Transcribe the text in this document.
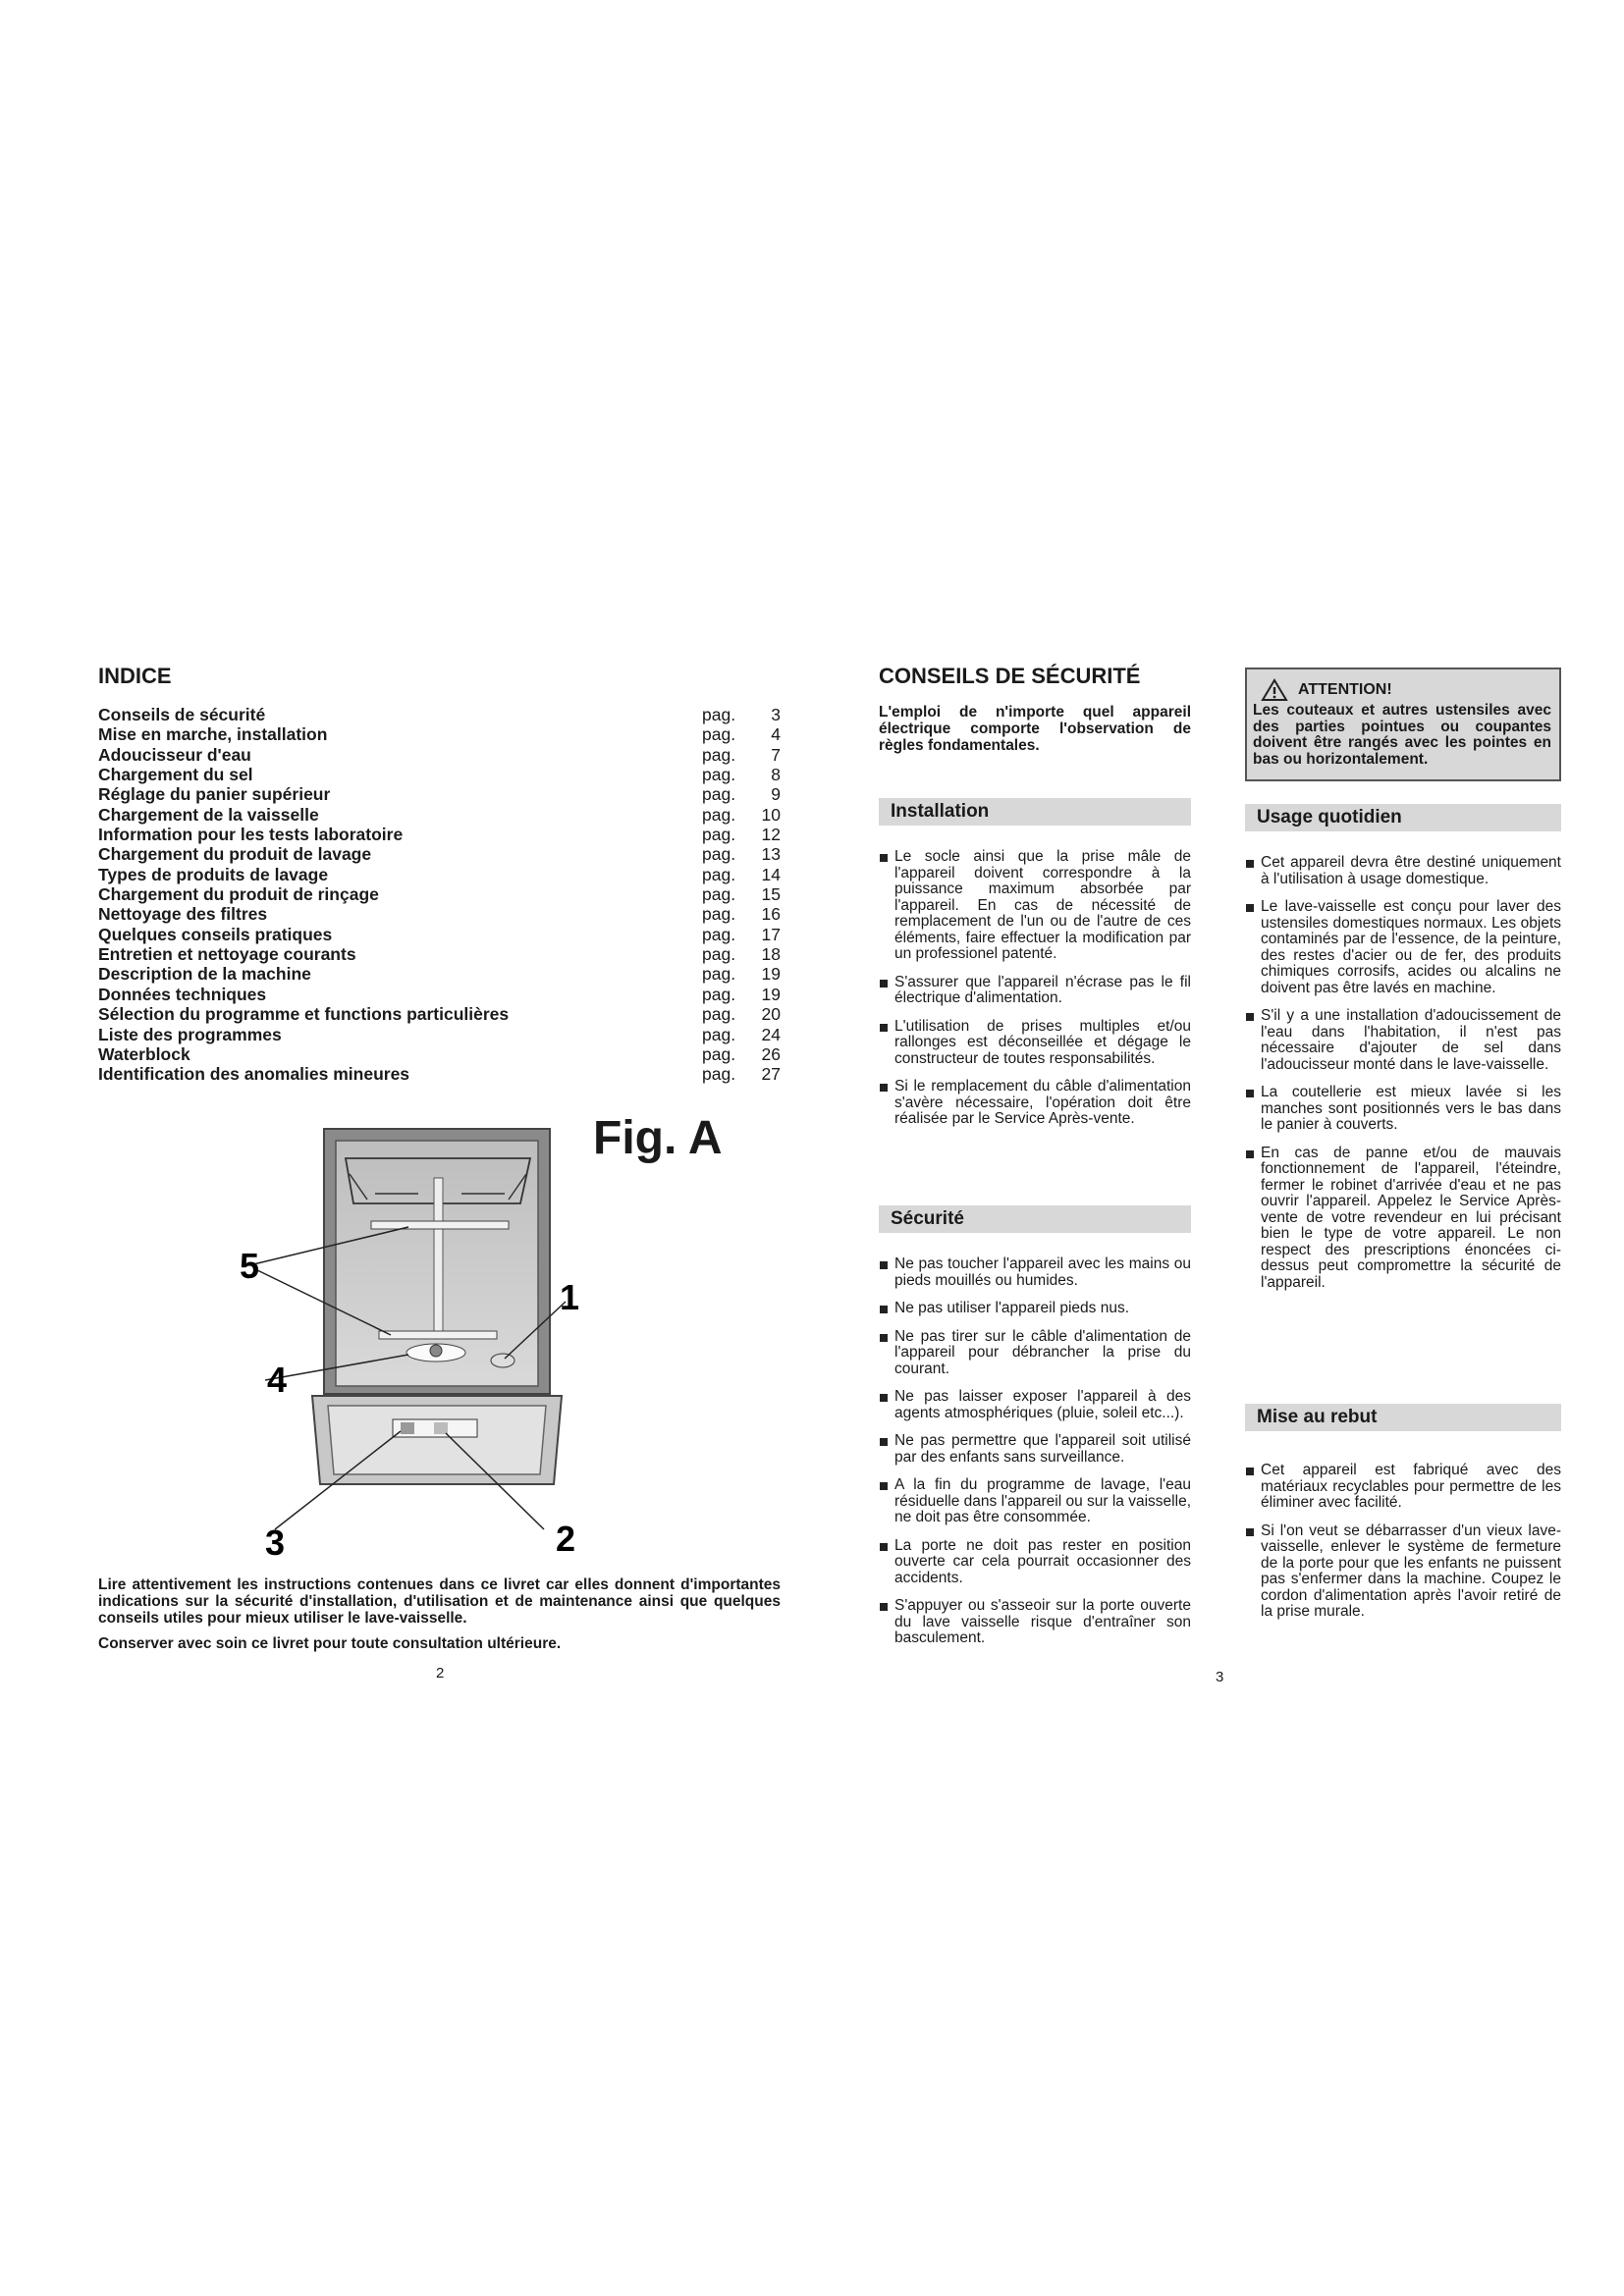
INDICE
Conseils de sécurité	pag.	3
Mise en marche, installation	pag.	4
Adoucisseur d'eau	pag.	7
Chargement du sel	pag.	8
Réglage du panier supérieur	pag.	9
Chargement de la vaisselle	pag.	10
Information pour les tests laboratoire	pag.	12
Chargement du produit de lavage	pag.	13
Types de produits de lavage	pag.	14
Chargement du produit de rinçage	pag.	15
Nettoyage des filtres	pag.	16
Quelques conseils pratiques	pag.	17
Entretien et nettoyage courants	pag.	18
Description de la machine	pag.	19
Données techniques	pag.	19
Sélection du programme et functions particulières	pag.	20
Liste des programmes	pag.	24
Waterblock	pag.	26
Identification des anomalies mineures	pag.	27
Fig. A
5
1
4
3	2
Lire attentivement les instructions contenues dans ce livret car elles donnent d'importantes indications sur la sécurité d'installation, d'utilisation et de maintenance ainsi que quelques conseils utiles pour mieux utiliser le lave-vaisselle.
Conserver avec soin ce livret pour toute consultation ultérieure.
2
CONSEILS DE SÉCURITÉ
L'emploi de n'importe quel appareil électrique comporte l'observation de règles fondamentales.
Installation
Le socle ainsi que la prise mâle de l'appareil doivent correspondre à la puissance maximum absorbée par l'appareil. En cas de nécessité de remplacement de l'un ou de l'autre de ces éléments, faire effectuer la modification par un professionel patenté.
S'assurer que l'appareil n'écrase pas le fil électrique d'alimentation.
L'utilisation de prises multiples et/ou rallonges est déconseillée et dégage le constructeur de toutes responsabilités.
Si le remplacement du câble d'alimentation s'avère nécessaire, l'opération doit être réalisée par le Service Après-vente.
Sécurité
Ne pas toucher l'appareil avec les mains ou pieds mouillés ou humides.
Ne pas utiliser l'appareil pieds nus.
Ne pas tirer sur le câble d'alimentation de l'appareil pour débrancher la prise du courant.
Ne pas laisser exposer l'appareil à des agents atmosphériques (pluie, soleil etc...).
Ne pas permettre que l'appareil soit utilisé par des enfants sans surveillance.
A la fin du programme de lavage, l'eau résiduelle dans l'appareil ou sur la vaisselle, ne doit pas être consommée.
La porte ne doit pas rester en position ouverte car cela pourrait occasionner des accidents.
S'appuyer ou s'asseoir sur la porte ouverte du lave vaisselle risque d'entraîner son basculement.
ATTENTION!
Les couteaux et autres ustensiles avec des parties pointues ou coupantes doivent être rangés avec les pointes en bas ou horizontalement.
Usage quotidien
Cet appareil devra être destiné uniquement à l'utilisation à usage domestique.
Le lave-vaisselle est conçu pour laver des ustensiles domestiques normaux. Les objets contaminés par de l'essence, de la peinture, des restes d'acier ou de fer, des produits chimiques corrosifs, acides ou alcalins ne doivent pas être lavés en machine.
S'il y a une installation d'adoucissement de l'eau dans l'habitation, il n'est pas nécessaire d'ajouter de sel dans l'adoucisseur monté dans le lave-vaisselle.
La coutellerie est mieux lavée si les manches sont positionnés vers le bas dans le panier à couverts.
En cas de panne et/ou de mauvais fonctionnement de l'appareil, l'éteindre, fermer le robinet d'arrivée d'eau et ne pas ouvrir l'appareil. Appelez le Service Après-vente de votre revendeur en lui précisant bien le type de votre appareil. Le non respect des prescriptions énoncées ci-dessus peut compromettre la sécurité de l'appareil.
Mise au rebut
Cet appareil est fabriqué avec des matériaux recyclables pour permettre de les éliminer avec facilité.
Si l'on veut se débarrasser d'un vieux lave-vaisselle, enlever le système de fermeture de la porte pour que les enfants ne puissent pas s'enfermer dans la machine. Coupez le cordon d'alimentation après l'avoir retiré de la prise murale.
3
